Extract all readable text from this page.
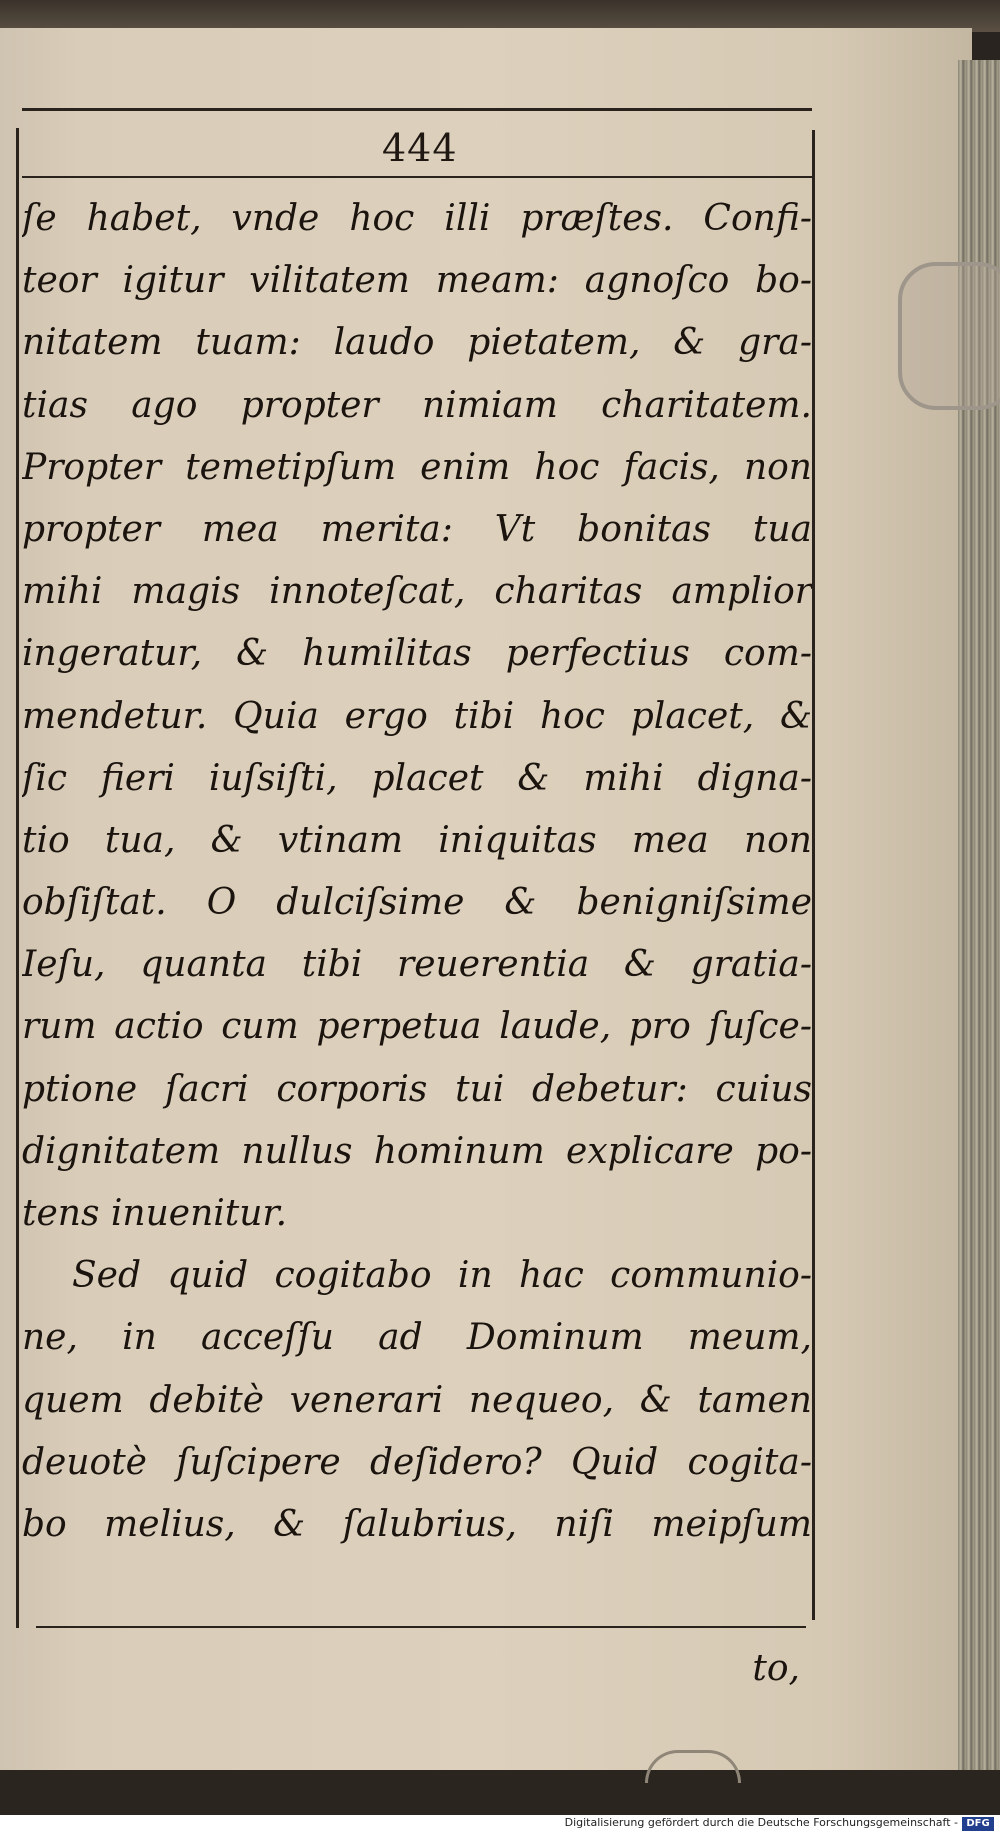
444
ſe habet, vnde hoc illi præſtes. Confi-
teor igitur vilitatem meam: agnoſco bo-
nitatem tuam: laudo pietatem, & gra-
tias ago propter nimiam charitatem.
Propter temetipſum enim hoc facis, non
propter mea merita: Vt bonitas tua
mihi magis innoteſcat, charitas amplior
ingeratur, & humilitas perfectius com-
mendetur. Quia ergo tibi hoc placet, &
ſic fieri iuſsiſti, placet & mihi digna-
tio tua, & vtinam iniquitas mea non
obſiſtat. O dulciſsime & benigniſsime
Ieſu, quanta tibi reuerentia & gratia-
rum actio cum perpetua laude, pro ſuſce-
ptione ſacri corporis tui debetur: cuius
dignitatem nullus hominum explicare po-
tens inuenitur.
Sed quid cogitabo in hac communio-
ne, in acceſſu ad Dominum meum,
quem debitè venerari nequeo, & tamen
deuotè ſuſcipere deſidero? Quid cogita-
bo melius, & ſalubrius, niſi meipſum
to,
Digitalisierung gefördert durch die Deutsche Forschungsgemeinschaft - DFG
